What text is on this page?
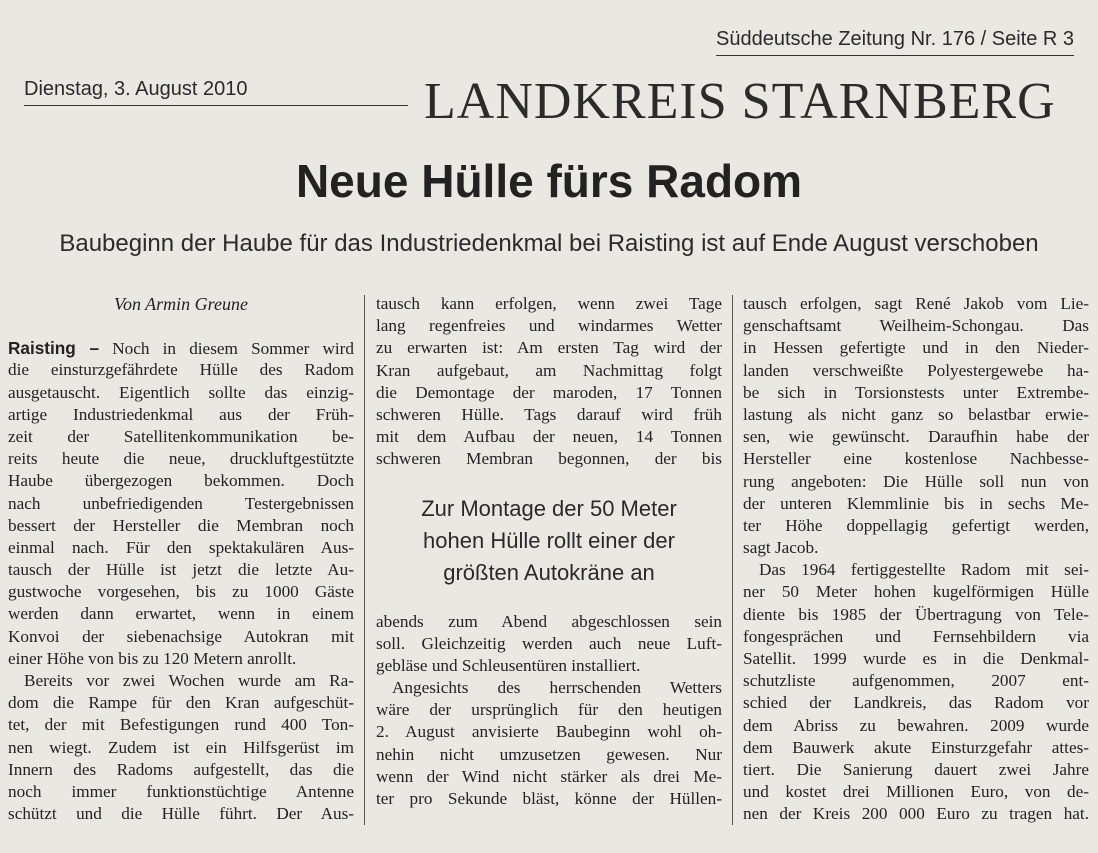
Süddeutsche Zeitung Nr. 176 / Seite R 3
Dienstag, 3. August 2010	LANDKREIS STARNBERG
Neue Hülle fürs Radom
Baubeginn der Haube für das Industriedenkmal bei Raisting ist auf Ende August verschoben
Von Armin Greune
Raisting – Noch in diesem Sommer wird
die einsturzgefährdete Hülle des Radom
ausgetauscht. Eigentlich sollte das einzig-
artige Industriedenkmal aus der Früh-
zeit der Satellitenkommunikation be-
reits heute die neue, druckluftgestützte
Haube übergezogen bekommen. Doch
nach unbefriedigenden Testergebnissen
bessert der Hersteller die Membran noch
einmal nach. Für den spektakulären Aus-
tausch der Hülle ist jetzt die letzte Au-
gustwoche vorgesehen, bis zu 1000 Gäste
werden dann erwartet, wenn in einem
Konvoi der siebenachsige Autokran mit
einer Höhe von bis zu 120 Metern anrollt.
Bereits vor zwei Wochen wurde am Ra-
dom die Rampe für den Kran aufgeschüt-
tet, der mit Befestigungen rund 400 Ton-
nen wiegt. Zudem ist ein Hilfsgerüst im
Innern des Radoms aufgestellt, das die
noch immer funktionstüchtige Antenne
schützt und die Hülle führt. Der Aus-
tausch kann erfolgen, wenn zwei Tage
lang regenfreies und windarmes Wetter
zu erwarten ist: Am ersten Tag wird der
Kran aufgebaut, am Nachmittag folgt
die Demontage der maroden, 17 Tonnen
schweren Hülle. Tags darauf wird früh
mit dem Aufbau der neuen, 14 Tonnen
schweren Membran begonnen, der bis
Zur Montage der 50 Meter
hohen Hülle rollt einer der
größten Autokräne an
abends zum Abend abgeschlossen sein
soll. Gleichzeitig werden auch neue Luft-
gebläse und Schleusentüren installiert.
Angesichts des herrschenden Wetters
wäre der ursprünglich für den heutigen
2. August anvisierte Baubeginn wohl oh-
nehin nicht umzusetzen gewesen. Nur
wenn der Wind nicht stärker als drei Me-
ter pro Sekunde bläst, könne der Hüllen-
tausch erfolgen, sagt René Jakob vom Lie-
genschaftsamt Weilheim-Schongau. Das
in Hessen gefertigte und in den Nieder-
landen verschweißte Polyestergewebe ha-
be sich in Torsionstests unter Extrembe-
lastung als nicht ganz so belastbar erwie-
sen, wie gewünscht. Daraufhin habe der
Hersteller eine kostenlose Nachbesse-
rung angeboten: Die Hülle soll nun von
der unteren Klemmlinie bis in sechs Me-
ter Höhe doppellagig gefertigt werden,
sagt Jacob.
Das 1964 fertiggestellte Radom mit sei-
ner 50 Meter hohen kugelförmigen Hülle
diente bis 1985 der Übertragung von Tele-
fongesprächen und Fernsehbildern via
Satellit. 1999 wurde es in die Denkmal-
schutzliste aufgenommen, 2007 ent-
schied der Landkreis, das Radom vor
dem Abriss zu bewahren. 2009 wurde
dem Bauwerk akute Einsturzgefahr attes-
tiert. Die Sanierung dauert zwei Jahre
und kostet drei Millionen Euro, von de-
nen der Kreis 200 000 Euro zu tragen hat.
